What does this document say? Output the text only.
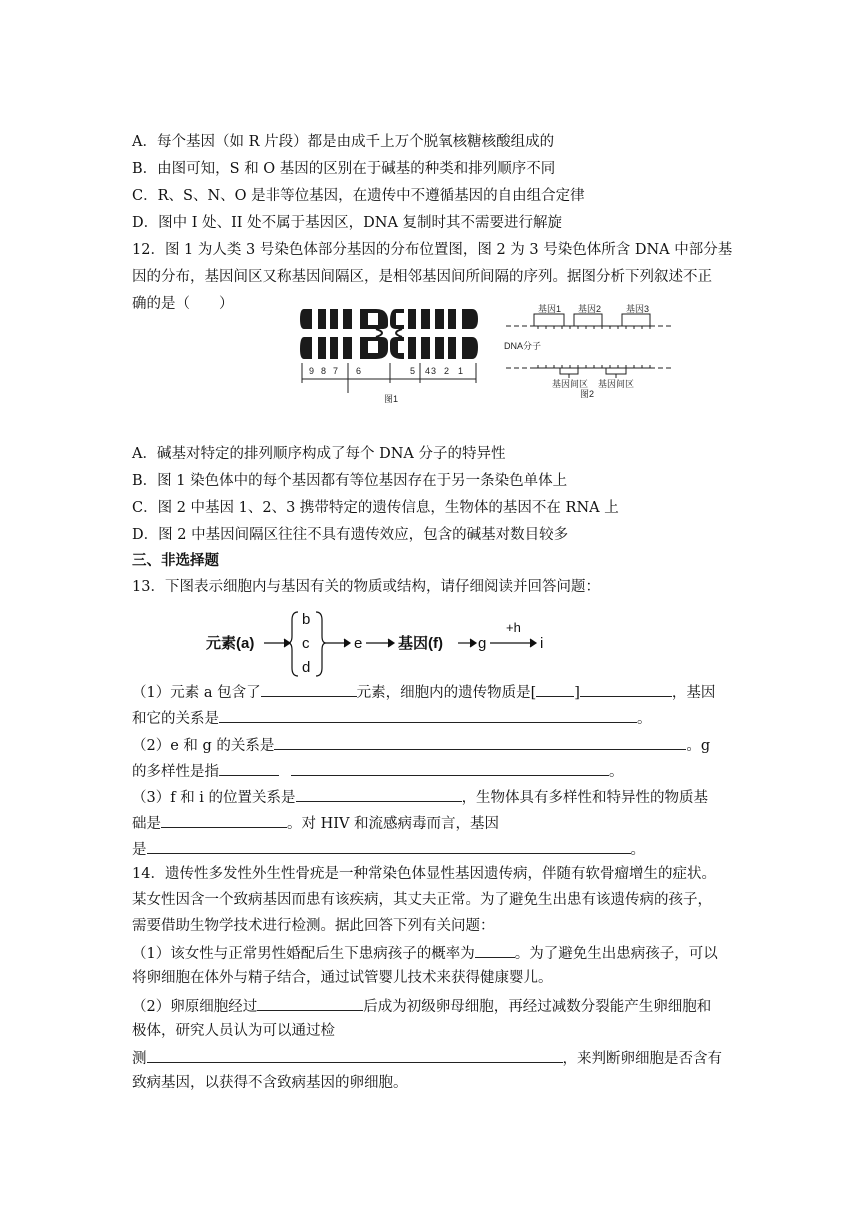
A．每个基因（如 R 片段）都是由成千上万个脱氧核糖核酸组成的
B．由图可知，S 和 O 基因的区别在于碱基的种类和排列顺序不同
C．R、S、N、O 是非等位基因，在遗传中不遵循基因的自由组合定律
D．图中 I 处、II 处不属于基因区，DNA 复制时其不需要进行解旋
12．图 1 为人类 3 号染色体部分基因的分布位置图，图 2 为 3 号染色体所含 DNA 中部分基
因的分布，基因间区又称基因间隔区，是相邻基因间所间隔的序列。据图分析下列叙述不正
确的是（　　）
9 8 7 6	5 4 3 2 1
图1
基因1 基因2	基因3
DNA分子
基因间区 基因间区
图2
A．碱基对特定的排列顺序构成了每个 DNA 分子的特异性
B．图 1 染色体中的每个基因都有等位基因存在于另一条染色单体上
C．图 2 中基因 1、2、3 携带特定的遗传信息，生物体的基因不在 RNA 上
D．图 2 中基因间隔区往往不具有遗传效应，包含的碱基对数目较多
三、非选择题
13．下图表示细胞内与基因有关的物质或结构，请仔细阅读并回答问题：
元素(a)
b
c
d
e 基因(f) g
+h
i
（1）元素 a 包含了	元素，细胞内的遗传物质是[	]	，基因
和它的关系是	。
（2）e 和 g 的关系是	。g
的多样性是指	。
（3）f 和 i 的位置关系是	，生物体具有多样性和特异性的物质基
础是	。对 HIV 和流感病毒而言，基因
是	。
14．遗传性多发性外生性骨疣是一种常染色体显性基因遗传病，伴随有软骨瘤增生的症状。
某女性因含一个致病基因而患有该疾病，其丈夫正常。为了避免生出患有该遗传病的孩子，
需要借助生物学技术进行检测。据此回答下列有关问题：
（1）该女性与正常男性婚配后生下患病孩子的概率为	。为了避免生出患病孩子，可以
将卵细胞在体外与精子结合，通过试管婴儿技术来获得健康婴儿。
（2）卵原细胞经过	后成为初级卵母细胞，再经过减数分裂能产生卵细胞和
极体，研究人员认为可以通过检
测	，来判断卵细胞是否含有
致病基因，以获得不含致病基因的卵细胞。
